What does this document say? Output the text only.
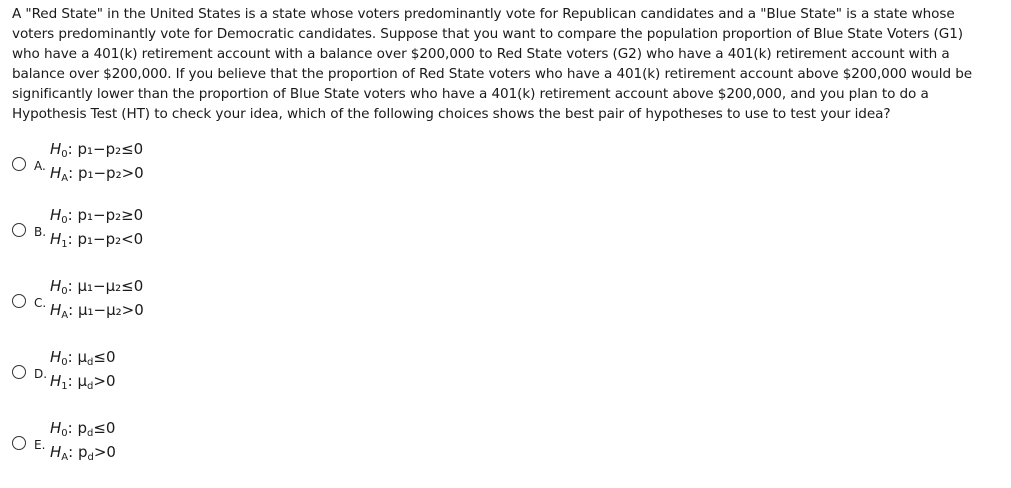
A "Red State" in the United States is a state whose voters predominantly vote for Republican candidates and a "Blue State" is a state whose voters predominantly vote for Democratic candidates. Suppose that you want to compare the population proportion of Blue State Voters (G1) who have a 401(k) retirement account with a balance over $200,000 to Red State voters (G2) who have a 401(k) retirement account with a balance over $200,000. If you believe that the proportion of Red State voters who have a 401(k) retirement account above $200,000 would be significantly lower than the proportion of Blue State voters who have a 401(k) retirement account above $200,000, and you plan to do a Hypothesis Test (HT) to check your idea, which of the following choices shows the best pair of hypotheses to use to test your idea?

A.
$H_0$: p₁−p₂≤0
$H_A$: p₁−p₂>0
B.
$H_0$: p₁−p₂≥0
$H_1$: p₁−p₂<0
C.
$H_0$: μ₁−μ₂≤0
$H_A$: μ₁−μ₂>0
D.
$H_0$: $\mu_d\le 0$
$H_1$: $\mu_d>0$
E.
$H_0$: $p_d\le 0$
$H_A$: $p_d>0$
